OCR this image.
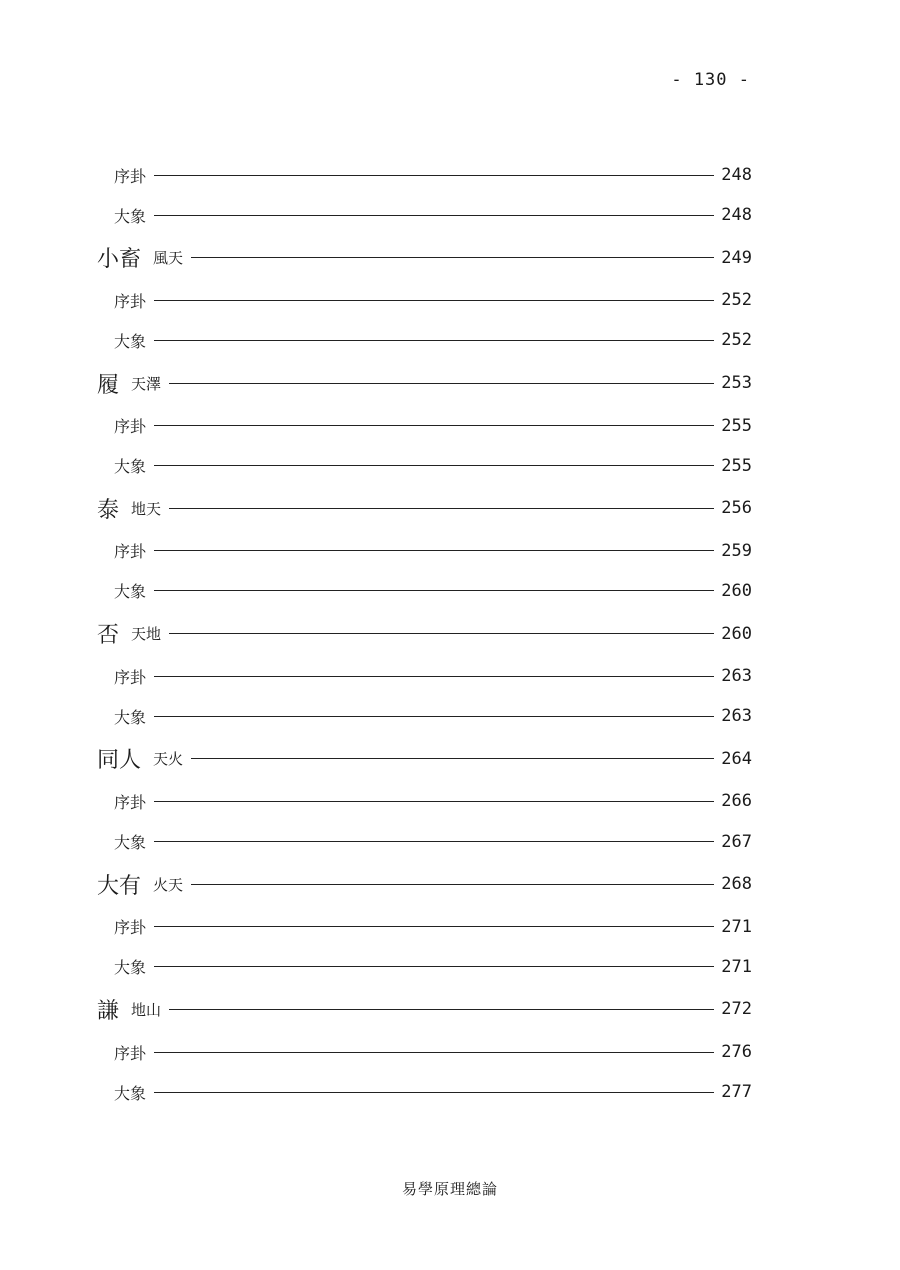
- 130 -
序卦	248
大象	248
小畜 風天	249
序卦	252
大象	252
履 天澤	253
序卦	255
大象	255
泰 地天	256
序卦	259
大象	260
否 天地	260
序卦	263
大象	263
同人 天火	264
序卦	266
大象	267
大有 火天	268
序卦	271
大象	271
謙 地山	272
序卦	276
大象	277
易學原理總論
